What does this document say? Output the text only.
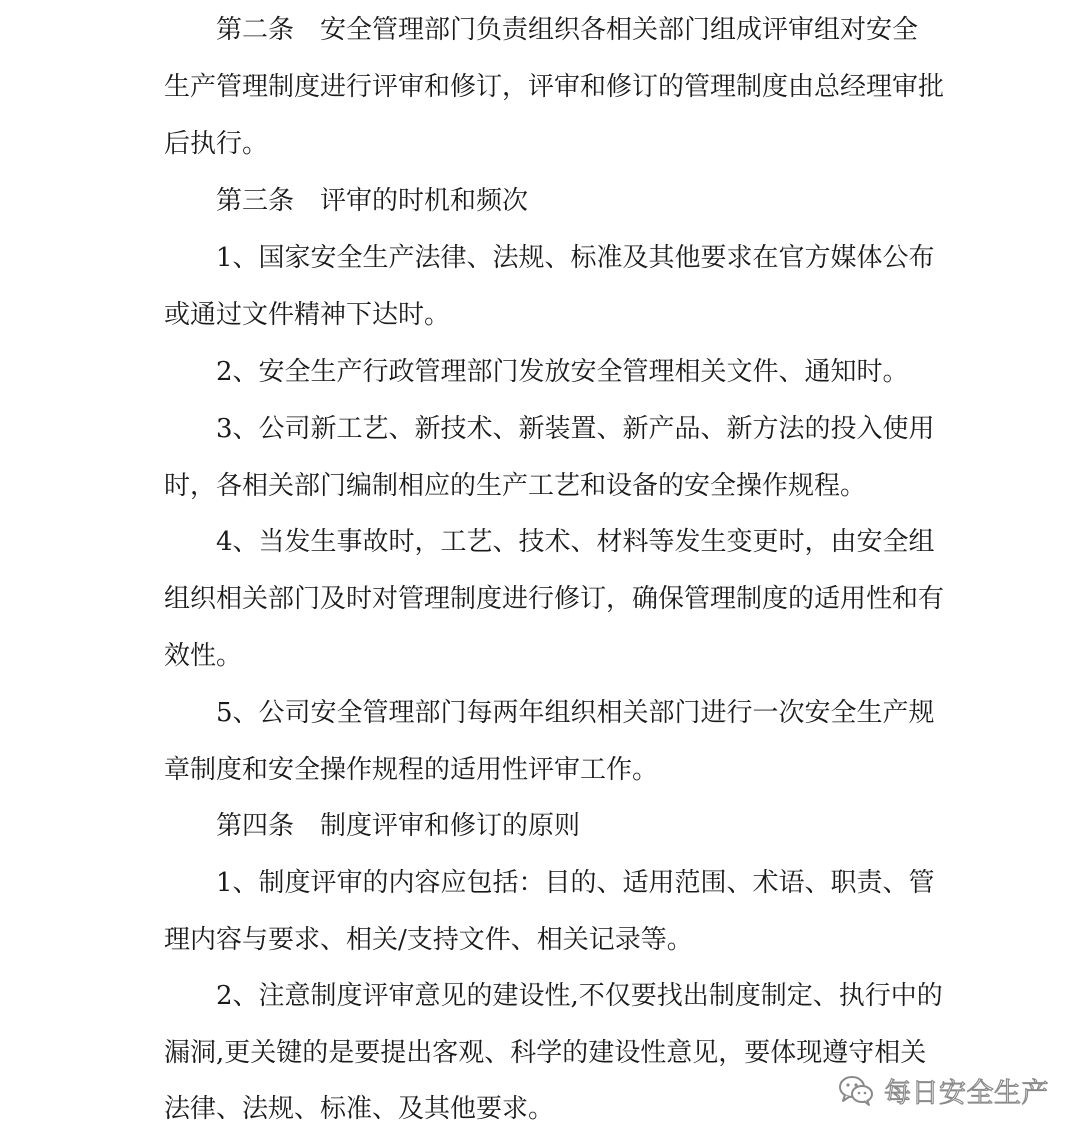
第二条 安全管理部门负责组织各相关部门组成评审组对安全
生产管理制度进行评审和修订，评审和修订的管理制度由总经理审批
后执行。
第三条 评审的时机和频次
1、国家安全生产法律、法规、标准及其他要求在官方媒体公布
或通过文件精神下达时。
2、安全生产行政管理部门发放安全管理相关文件、通知时。
3、公司新工艺、新技术、新装置、新产品、新方法的投入使用
时，各相关部门编制相应的生产工艺和设备的安全操作规程。
4、当发生事故时，工艺、技术、材料等发生变更时，由安全组
组织相关部门及时对管理制度进行修订，确保管理制度的适用性和有
效性。
5、公司安全管理部门每两年组织相关部门进行一次安全生产规
章制度和安全操作规程的适用性评审工作。
第四条 制度评审和修订的原则
1、制度评审的内容应包括：目的、适用范围、术语、职责、管
理内容与要求、相关/支持文件、相关记录等。
2、注意制度评审意见的建设性,不仅要找出制度制定、执行中的
漏洞,更关键的是要提出客观、科学的建设性意见，要体现遵守相关
法律、法规、标准、及其他要求。
每日安全生产
